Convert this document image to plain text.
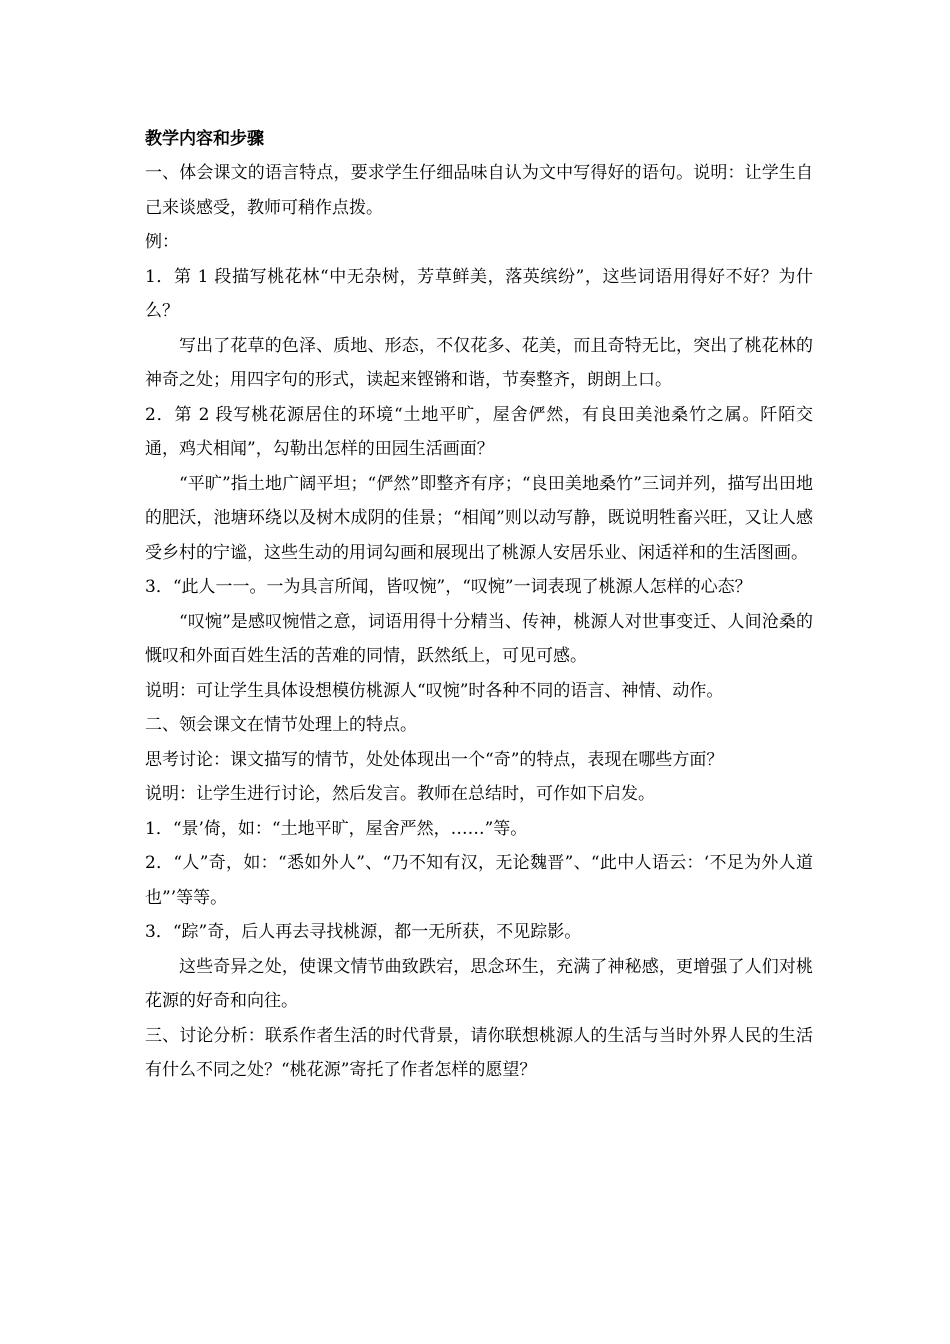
教学内容和步骤

一、体会课文的语言特点，要求学生仔细品味自认为文中写得好的语句。说明：让学生自己来谈感受，教师可稍作点拨。

例：

1．第 1 段描写桃花林“中无杂树，芳草鲜美，落英缤纷”，这些词语用得好不好？为什么？

写出了花草的色泽、质地、形态，不仅花多、花美，而且奇特无比，突出了桃花林的神奇之处；用四字句的形式，读起来铿锵和谐，节奏整齐，朗朗上口。

2．第 2 段写桃花源居住的环境“土地平旷，屋舍俨然，有良田美池桑竹之属。阡陌交通，鸡犬相闻”，勾勒出怎样的田园生活画面？

“平旷”指土地广阔平坦；“俨然”即整齐有序；“良田美地桑竹”三词并列，描写出田地的肥沃，池塘环绕以及树木成阴的佳景；“相闻”则以动写静，既说明牲畜兴旺，又让人感受乡村的宁谧，这些生动的用词勾画和展现出了桃源人安居乐业、闲适祥和的生活图画。

3．“此人一一。一为具言所闻，皆叹惋”，“叹惋”一词表现了桃源人怎样的心态？

“叹惋”是感叹惋惜之意，词语用得十分精当、传神，桃源人对世事变迁、人间沧桑的慨叹和外面百姓生活的苦难的同情，跃然纸上，可见可感。

说明：可让学生具体设想模仿桃源人“叹惋”时各种不同的语言、神情、动作。

二、领会课文在情节处理上的特点。

思考讨论：课文描写的情节，处处体现出一个“奇”的特点，表现在哪些方面？

说明：让学生进行讨论，然后发言。教师在总结时，可作如下启发。

1．“景’倚，如：“土地平旷，屋舍严然，……”等。

2．“人”奇，如：“悉如外人”、“乃不知有汉，无论魏晋”、“此中人语云：‘不足为外人道也”’等等。

3．“踪”奇，后人再去寻找桃源，都一无所获，不见踪影。

这些奇异之处，使课文情节曲致跌宕，思念环生，充满了神秘感，更增强了人们对桃花源的好奇和向往。

三、讨论分析：联系作者生活的时代背景，请你联想桃源人的生活与当时外界人民的生活有什么不同之处？“桃花源”寄托了作者怎样的愿望？
